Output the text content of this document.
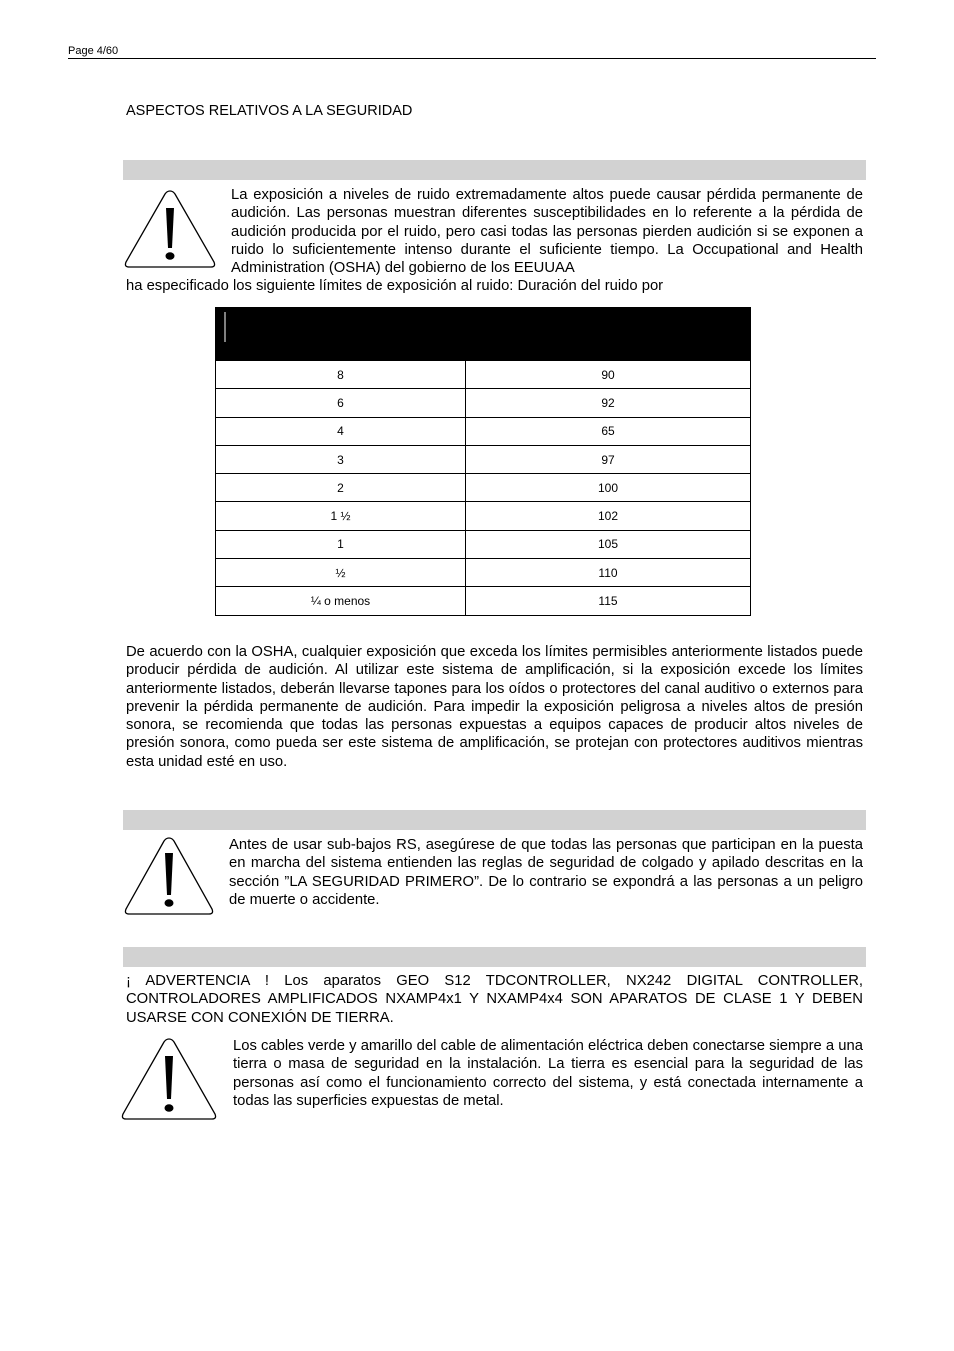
Page 4/60
ASPECTOS RELATIVOS A LA SEGURIDAD
La exposición a niveles de ruido extremadamente altos puede causar pérdida permanente de audición. Las personas muestran diferentes susceptibilidades en lo referente a la pérdida de audición producida por el ruido, pero casi todas las personas pierden audición si se exponen a ruido lo suficientemente intenso durante el suficiente tiempo. La Occupational and Health Administration (OSHA) del gobierno de los EEUUAA
ha especificado los siguiente límites de exposición al ruido: Duración del ruido por

8	90
6	92
4	65
3	97
2	100
1 ½	102
1	105
½	110
¼ o menos	115
De acuerdo con la OSHA, cualquier exposición que exceda los límites permisibles anteriormente listados puede producir pérdida de audición. Al utilizar este sistema de amplificación, si la exposición excede los límites anteriormente listados, deberán llevarse tapones para los oídos o protectores del canal auditivo o externos para prevenir la pérdida permanente de audición. Para impedir la exposición peligrosa a niveles altos de presión sonora, se recomienda que todas las personas expuestas a equipos capaces de producir altos niveles de presión sonora, como pueda ser este sistema de amplificación, se protejan con protectores auditivos mientras esta unidad esté en uso.
Antes de usar sub-bajos RS, asegúrese de que todas las personas que participan en la puesta en marcha del sistema entienden las reglas de seguridad de colgado y apilado descritas en la sección ”LA SEGURIDAD PRIMERO”. De lo contrario se expondrá a las personas a un peligro de muerte o accidente.
¡ ADVERTENCIA ! Los aparatos GEO S12 TDCONTROLLER, NX242 DIGITAL CONTROLLER, CONTROLADORES AMPLIFICADOS NXAMP4x1 Y NXAMP4x4 SON APARATOS DE CLASE 1 Y DEBEN USARSE CON CONEXIÓN DE TIERRA.
Los cables verde y amarillo del cable de alimentación eléctrica deben conectarse siempre a una tierra o masa de seguridad en la instalación. La tierra es esencial para la seguridad de las personas así como el funcionamiento correcto del sistema, y está conectada internamente a todas las superficies expuestas de metal.
